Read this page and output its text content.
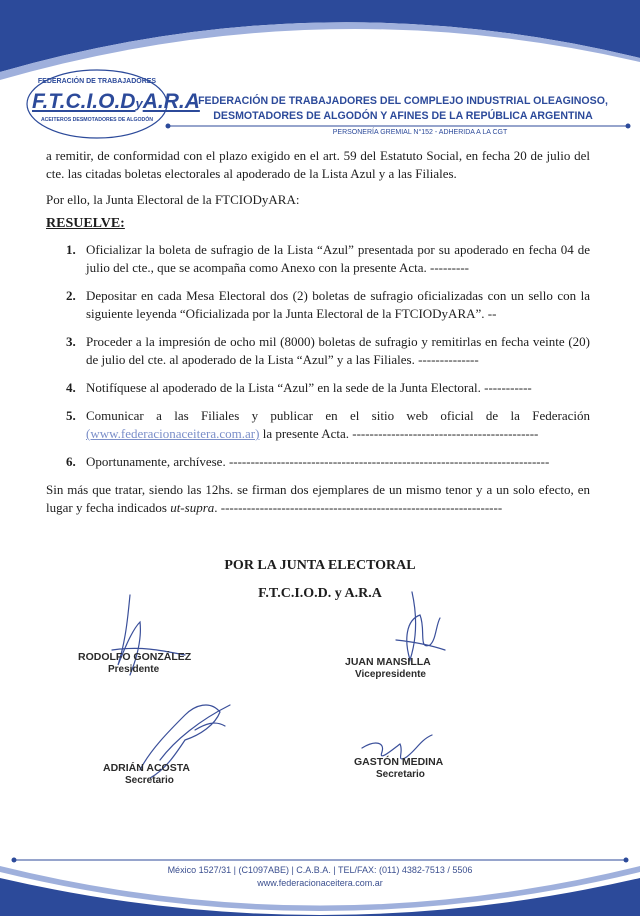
FEDERACIÓN DE TRABAJADORES
F.T.C.I.O.DyA.R.A
ACEITEROS DESMOTADORES DE ALGODÓN
FEDERACIÓN DE TRABAJADORES DEL COMPLEJO INDUSTRIAL OLEAGINOSO,
DESMOTADORES DE ALGODÓN Y AFINES DE LA REPÚBLICA ARGENTINA
PERSONERÍA GREMIAL N°152 - ADHERIDA A LA CGT

a remitir, de conformidad con el plazo exigido en el art. 59 del Estatuto Social, en fecha 20 de julio del cte. las citadas boletas electorales al apoderado de la Lista Azul y a las Filiales.

Por ello, la Junta Electoral de la FTCIODyARA:

RESUELVE:
1. Oficializar la boleta de sufragio de la Lista “Azul” presentada por su apoderado en fecha 04 de julio del cte., que se acompaña como Anexo con la presente Acta. ---------
2. Depositar en cada Mesa Electoral dos (2) boletas de sufragio oficializadas con un sello con la siguiente leyenda “Oficializada por la Junta Electoral de la FTCIODyARA”. --
3. Proceder a la impresión de ocho mil (8000) boletas de sufragio y remitirlas en fecha veinte (20) de julio del cte. al apoderado de la Lista “Azul” y a las Filiales. --------------
4. Notifíquese al apoderado de la Lista “Azul” en la sede de la Junta Electoral. -----------
5. Comunicar a las Filiales y publicar en el sitio web oficial de la Federación (www.federacionaceitera.com.ar) la presente Acta. -------------------------------------------
6. Oportunamente, archívese. --------------------------------------------------------------------------

Sin más que tratar, siendo las 12hs. se firman dos ejemplares de un mismo tenor y a un solo efecto, en lugar y fecha indicados ut-supra. -----------------------------------------------------------------

POR LA JUNTA ELECTORAL
F.T.C.I.O.D. y A.R.A
RODOLFO GONZÁLEZ
Presidente
JUAN MANSILLA
Vicepresidente
ADRIÁN ACOSTA
Secretario
GASTÓN MEDINA
Secretario
México 1527/31 | (C1097ABE) | C.A.B.A. | TEL/FAX: (011) 4382-7513 / 5506
www.federacionaceitera.com.ar
